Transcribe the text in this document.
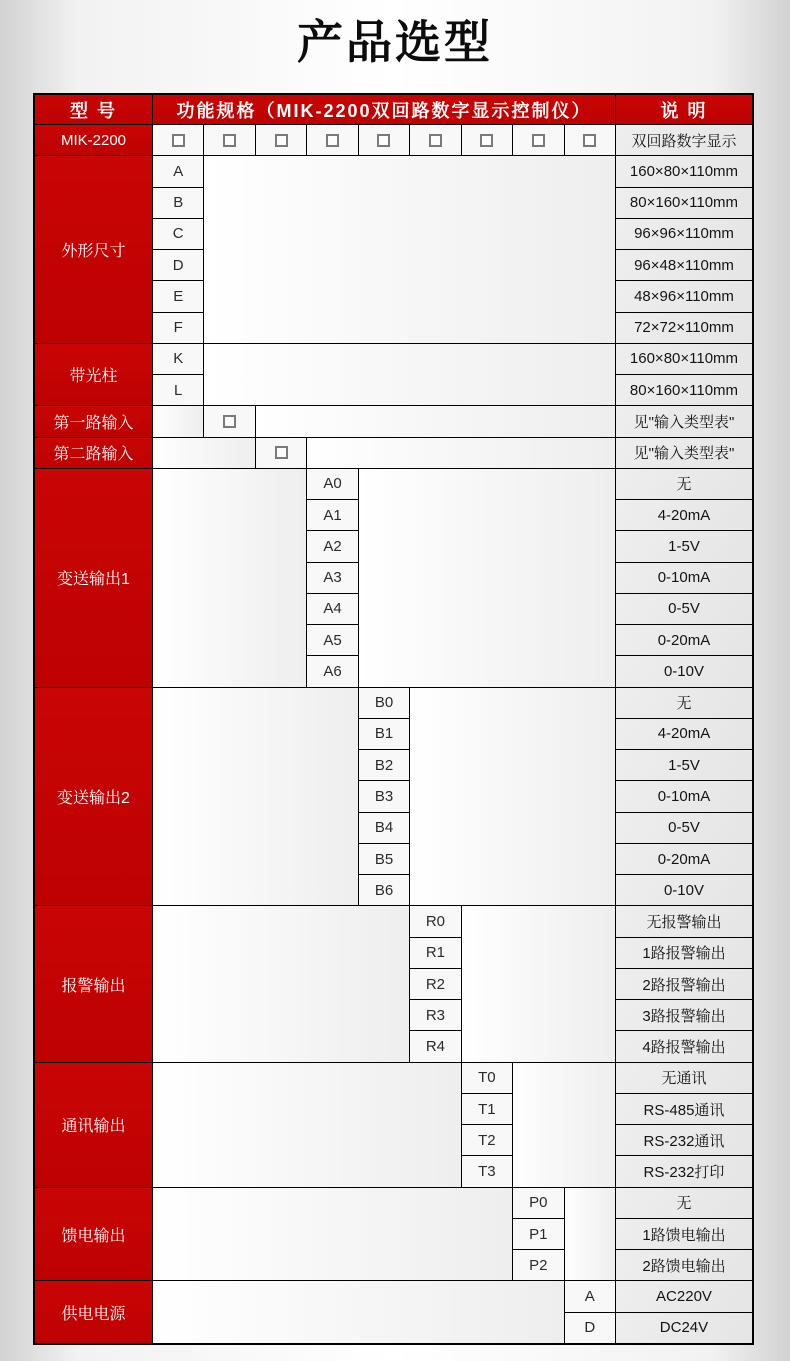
产品选型
型 号	功能规格（MIK-2200双回路数字显示控制仪）	说 明
MIK-2200	双回路数字显示
外形尺寸
A	160×80×110mm
B	80×160×110mm
C	96×96×110mm
D	96×48×110mm
E	48×96×110mm
F	72×72×110mm
带光柱
K	160×80×110mm
L	80×160×110mm
第一路输入	见"输入类型表"
第二路输入	见"输入类型表"
变送输出1
A0	无
A1	4-20mA
A2	1-5V
A3	0-10mA
A4	0-5V
A5	0-20mA
A6	0-10V
变送输出2
B0	无
B1	4-20mA
B2	1-5V
B3	0-10mA
B4	0-5V
B5	0-20mA
B6	0-10V
报警输出
R0	无报警输出
R1	1路报警输出
R2	2路报警输出
R3	3路报警输出
R4	4路报警输出
通讯输出
T0	无通讯
T1	RS-485通讯
T2	RS-232通讯
T3	RS-232打印
馈电输出
P0	无
P1	1路馈电输出
P2	2路馈电输出
供电电源
A	AC220V
D	DC24V
